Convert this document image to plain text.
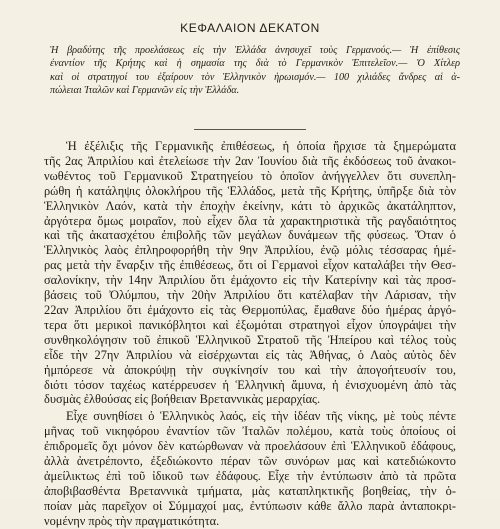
ΚΕΦΑΛΑΙΟΝ ΔΕΚΑΤΟΝ
Ἡ βραδύτης τῆς προελάσεως εἰς τὴν Ἑλλάδα ἀνησυχεῖ τοὺς Γερμανούς.— Ἡ ἐπίθεσις
ἐναντίον τῆς Κρήτης καὶ ἡ σημασία της διὰ τὸ Γερμανικὸν Ἐπιτελεῖον.— Ὁ Χίτλερ
καὶ οἱ στρατηγοί του ἐξαίρουν τὸν Ἑλληνικὸν ἡρωισμόν.— 100 χιλιάδες ἄνδρες αἱ ἀ-
πώλειαι Ἰταλῶν καὶ Γερμανῶν εἰς τὴν Ἑλλάδα.
Ἡ ἐξέλιξις τῆς Γερμανικῆς ἐπιθέσεως, ἡ ὁποία ἤρχισε τὰ ξημερώματα
τῆς 2ας Ἀπριλίου καὶ ἐτελείωσε τὴν 2αν Ἰουνίου διὰ τῆς ἐκδόσεως τοῦ ἀνακοι-
νωθέντος τοῦ Γερμανικοῦ Στρατηγείου τὸ ὁποῖον ἀνήγγελλεν ὅτι συνεπλη-
ρώθη ἡ κατάληψις ὁλοκλήρου τῆς Ἑλλάδος, μετὰ τῆς Κρήτης, ὑπῆρξε διὰ τὸν
Ἑλληνικὸν Λαόν, κατὰ τὴν ἐποχὴν ἐκείνην, κάτι τὸ ἀρχικῶς ἀκατάληπτον,
ἀργότερα ὅμως μοιραῖον, ποὺ εἶχεν ὅλα τὰ χαρακτηριστικὰ τῆς ραγδαιότητος
καὶ τῆς ἀκατασχέτου ἐπιβολῆς τῶν μεγάλων δυνάμεων τῆς φύσεως. Ὅταν ὁ
Ἑλληνικὸς λαὸς ἐπληροφορήθη τὴν 9ην Ἀπριλίου, ἐνῷ μόλις τέσσαρας ἡμέ-
ρας μετὰ τὴν ἔναρξιν τῆς ἐπιθέσεως, ὅτι οἱ Γερμανοὶ εἶχον καταλάβει τὴν Θεσ-
σαλονίκην, τὴν 14ην Ἀπριλίου ὅτι ἐμάχοντο εἰς τὴν Κατερίνην καὶ τὰς προσ-
βάσεις τοῦ Ὀλύμπου, τὴν 20ὴν Ἀπριλίου ὅτι κατέλαβαν τὴν Λάρισαν, τὴν
22αν Ἀπριλίου ὅτι ἐμάχοντο εἰς τὰς Θερμοπύλας, ἔμαθανε δύο ἡμέρας ἀργό-
τερα ὅτι μερικοὶ πανικόβλητοι καὶ ἐξωμόται στρατηγοὶ εἶχον ὑπογράψει τὴν
συνθηκολόγησιν τοῦ ἐπικοῦ Ἑλληνικοῦ Στρατοῦ τῆς Ἠπείρου καὶ τέλος τοὺς
εἶδε τὴν 27ην Ἀπριλίου νὰ εἰσέρχωνται εἰς τὰς Ἀθήνας, ὁ Λαὸς αὐτὸς δὲν
ἠμπόρεσε νὰ ἀποκρύψῃ τὴν συγκίνησίν του καὶ τὴν ἀπογοήτευσίν του,
διότι τόσον ταχέως κατέρρευσεν ἡ Ἑλληνικὴ ἄμυνα, ἡ ἐνισχυομένη ἀπὸ τὰς
δυσμὰς ἐλθούσας εἰς βοήθειαν Βρεταννικὰς μεραρχίας.
Εἶχε συνηθίσει ὁ Ἑλληνικὸς λαός, εἰς τὴν ἰδέαν τῆς νίκης, μὲ τοὺς πέντε
μῆνας τοῦ νικηφόρου ἐναντίον τῶν Ἰταλῶν πολέμου, κατὰ τοὺς ὁποίους οἱ
ἐπιδρομεῖς ὄχι μόνον δὲν κατώρθωναν νὰ προελάσουν ἐπὶ Ἑλληνικοῦ ἐδάφους,
ἀλλὰ ἀνετρέποντο, ἐξεδιώκοντο πέραν τῶν συνόρων μας καὶ κατεδιώκοντο
ἀμείλικτως ἐπὶ τοῦ ἰδικοῦ των ἐδάφους. Εἶχε τὴν ἐντύπωσιν ἀπὸ τὰ πρῶτα
ἀποβιβασθέντα Βρεταννικὰ τμήματα, μὰς καταπληκτικῆς βοηθείας, τὴν ὁ-
ποίαν μὰς παρεῖχον οἱ Σύμμαχοί μας, ἐντύπωσιν κάθε ἄλλο παρὰ ἀνταποκρι-
νομένην πρὸς τὴν πραγματικότητα.
